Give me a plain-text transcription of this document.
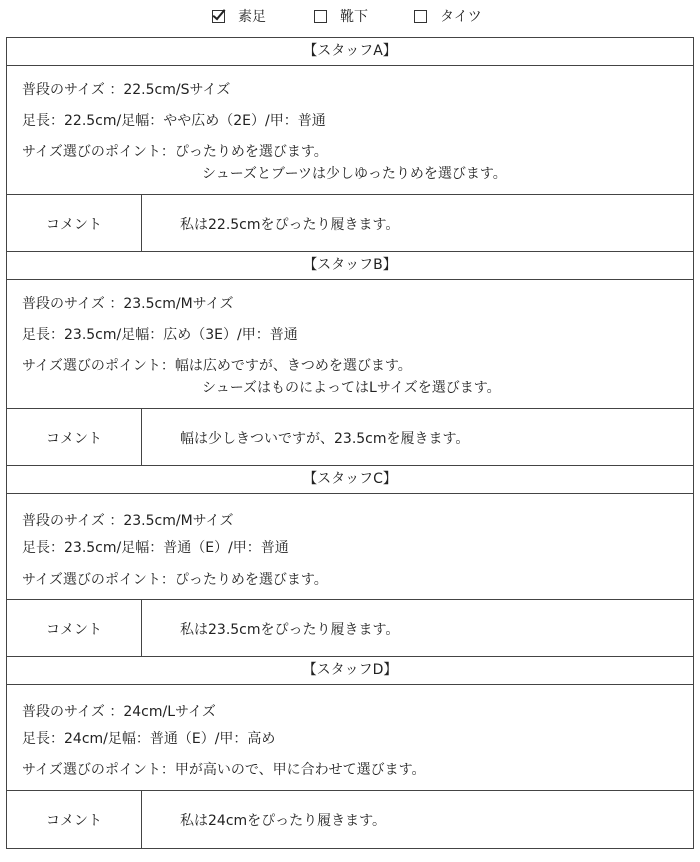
素足	靴下	タイツ
【スタッフA】
普段のサイズ ：22.5cm/Sサイズ
足長：22.5cm/足幅：やや広め（2E）/甲：普通
サイズ選びのポイント：ぴったりめを選びます。
シューズとブーツは少しゆったりめを選びます。
コメント	私は22.5cmをぴったり履きます。
【スタッフB】
普段のサイズ ：23.5cm/Mサイズ
足長：23.5cm/足幅：広め（3E）/甲：普通
サイズ選びのポイント：幅は広めですが、きつめを選びます。
シューズはものによってはLサイズを選びます。
コメント	幅は少しきついですが、23.5cmを履きます。
【スタッフC】
普段のサイズ ：23.5cm/Mサイズ
足長：23.5cm/足幅：普通（E）/甲：普通
サイズ選びのポイント：ぴったりめを選びます。
コメント	私は23.5cmをぴったり履きます。
【スタッフD】
普段のサイズ ：24cm/Lサイズ
足長：24cm/足幅：普通（E）/甲：高め
サイズ選びのポイント：甲が高いので、甲に合わせて選びます。
コメント	私は24cmをぴったり履きます。
